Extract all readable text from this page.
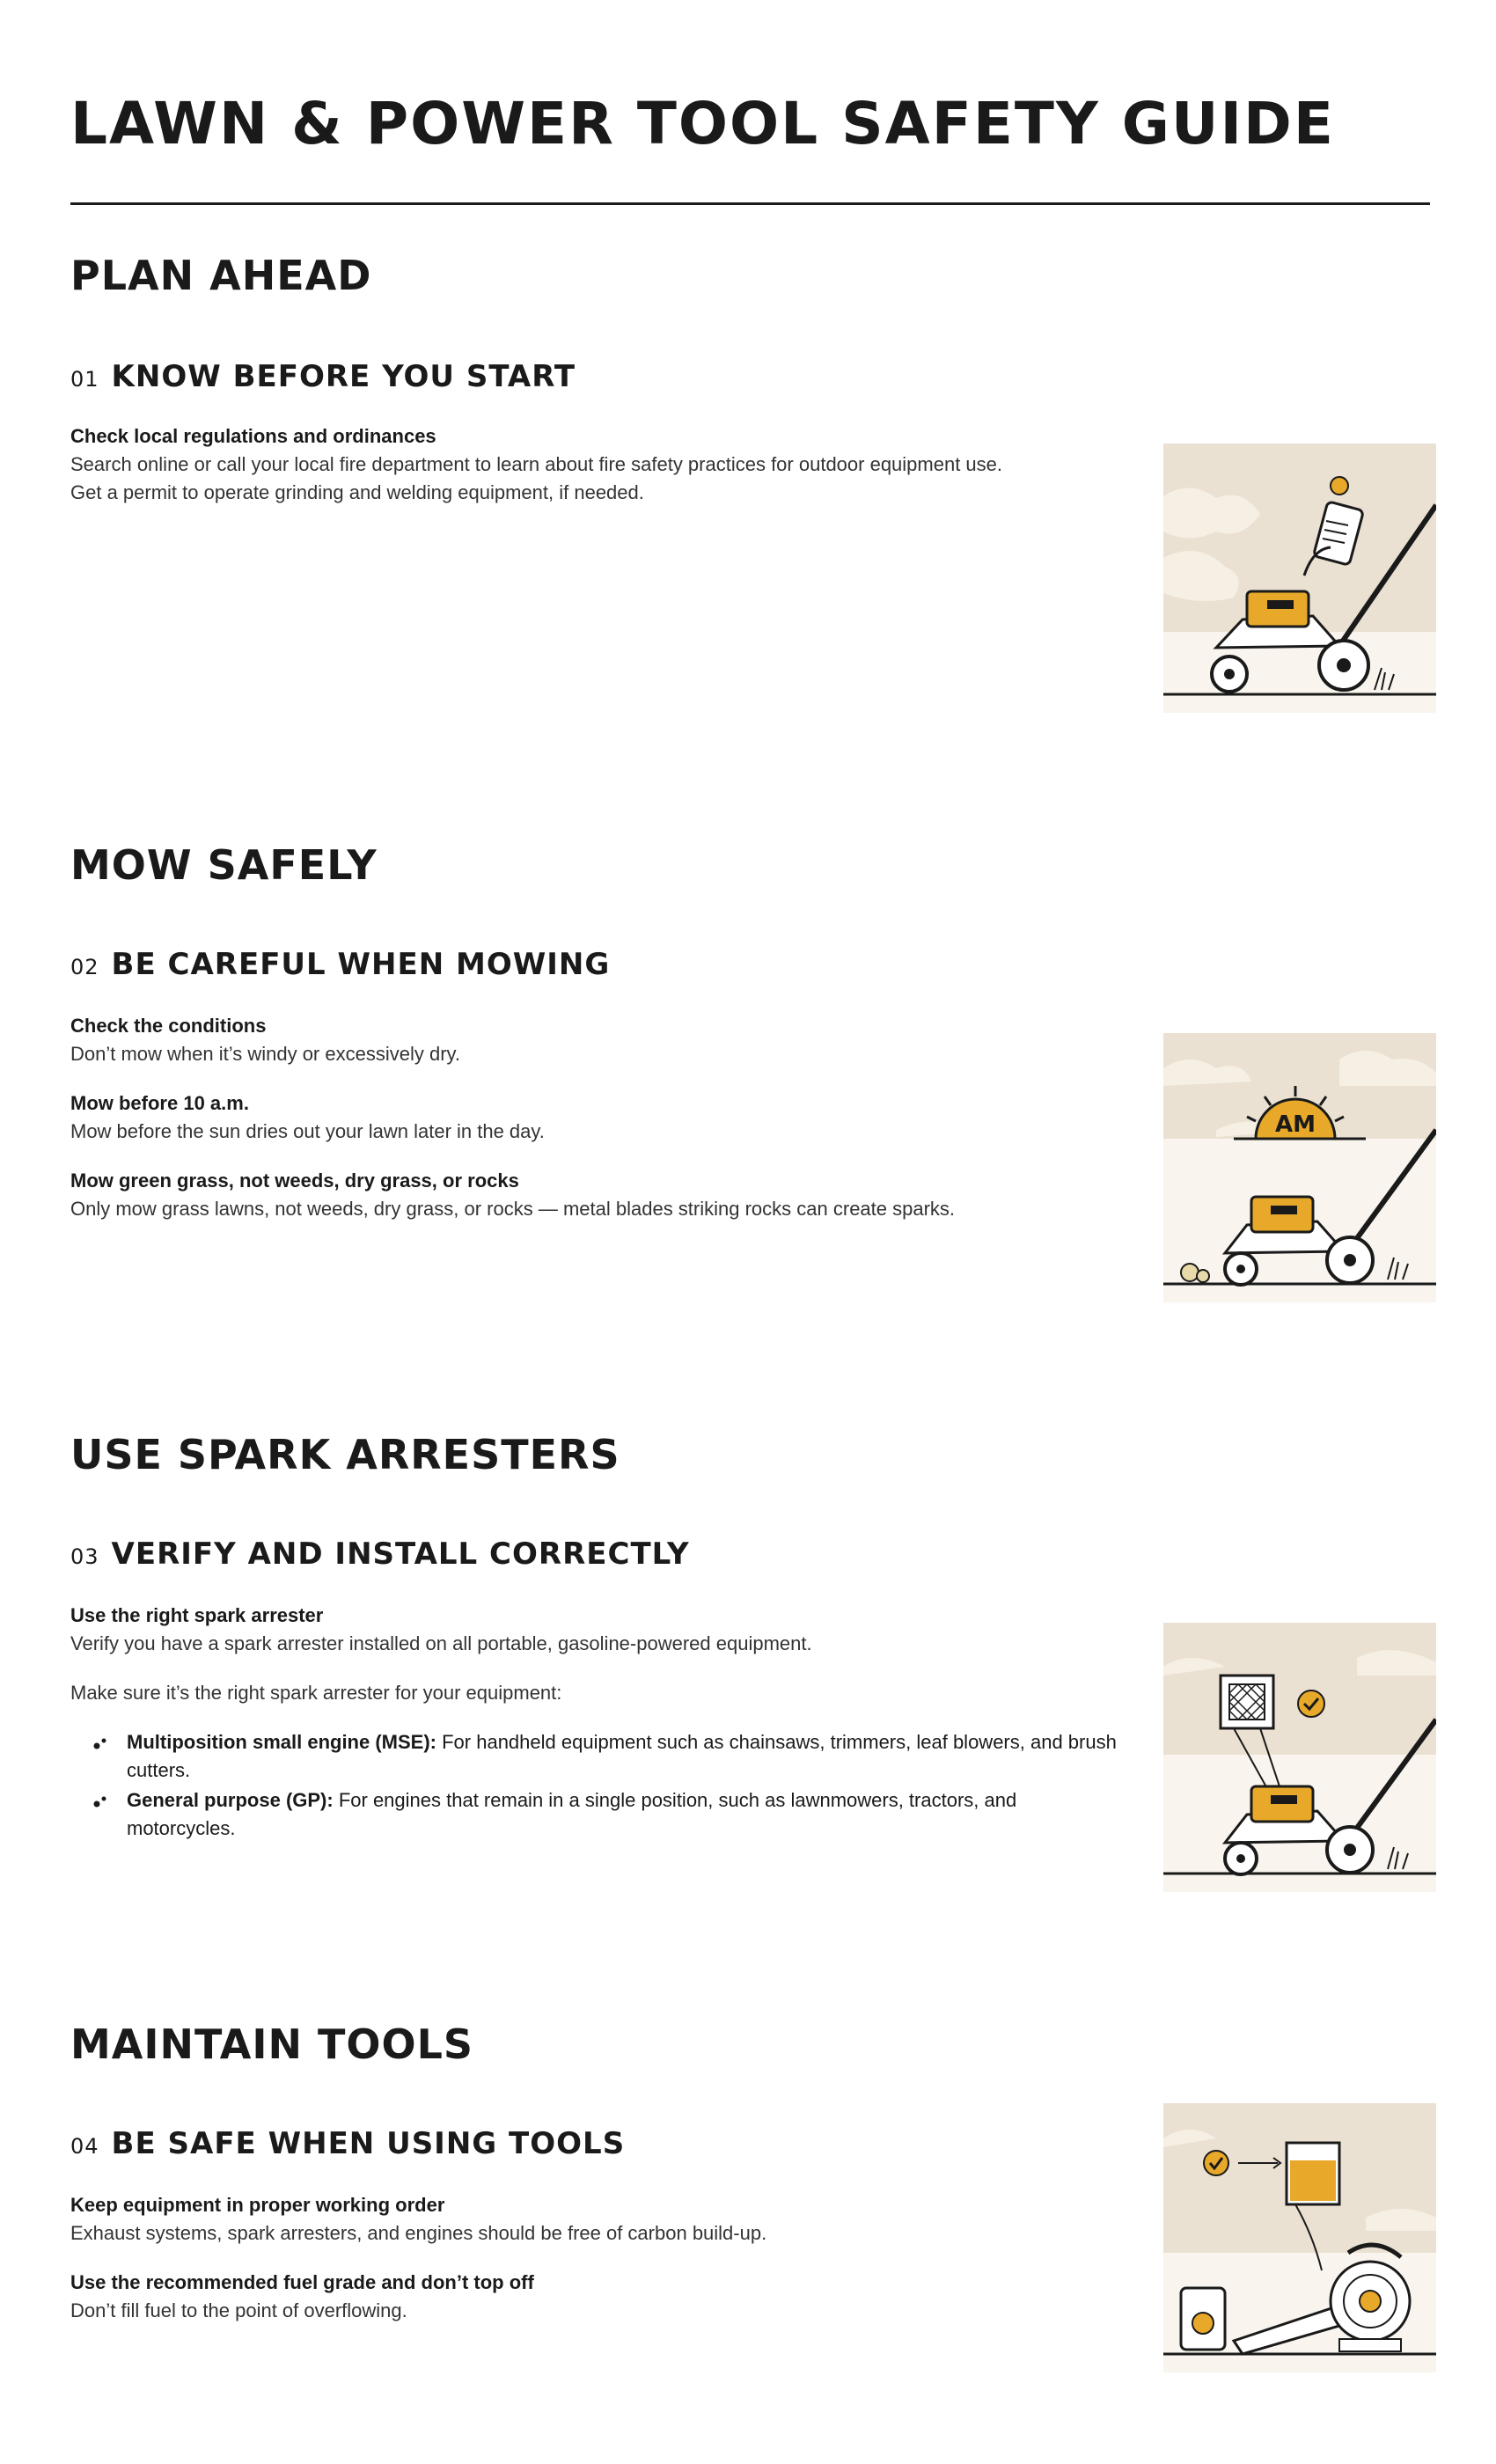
LAWN & POWER TOOL SAFETY GUIDE
PLAN AHEAD
01 KNOW BEFORE YOU START
Check local regulations and ordinances
Search online or call your local fire department to learn about fire safety practices for outdoor equipment use.
Get a permit to operate grinding and welding equipment, if needed.
MOW SAFELY
02 BE CAREFUL WHEN MOWING
Check the conditions
Don’t mow when it’s windy or excessively dry.
Mow before 10 a.m.
Mow before the sun dries out your lawn later in the day.
Mow green grass, not weeds, dry grass, or rocks
Only mow grass lawns, not weeds, dry grass, or rocks — metal blades striking rocks can create sparks.
AM
USE SPARK ARRESTERS
03 VERIFY AND INSTALL CORRECTLY
Use the right spark arrester
Verify you have a spark arrester installed on all portable, gasoline-powered equipment.
Make sure it’s the right spark arrester for your equipment:
Multiposition small engine (MSE): For handheld equipment such as chainsaws, trimmers, leaf blowers, and brush cutters.
General purpose (GP): For engines that remain in a single position, such as lawnmowers, tractors, and motorcycles.
MAINTAIN TOOLS
04 BE SAFE WHEN USING TOOLS
Keep equipment in proper working order
Exhaust systems, spark arresters, and engines should be free of carbon build-up.
Use the recommended fuel grade and don’t top off
Don’t fill fuel to the point of overflowing.
